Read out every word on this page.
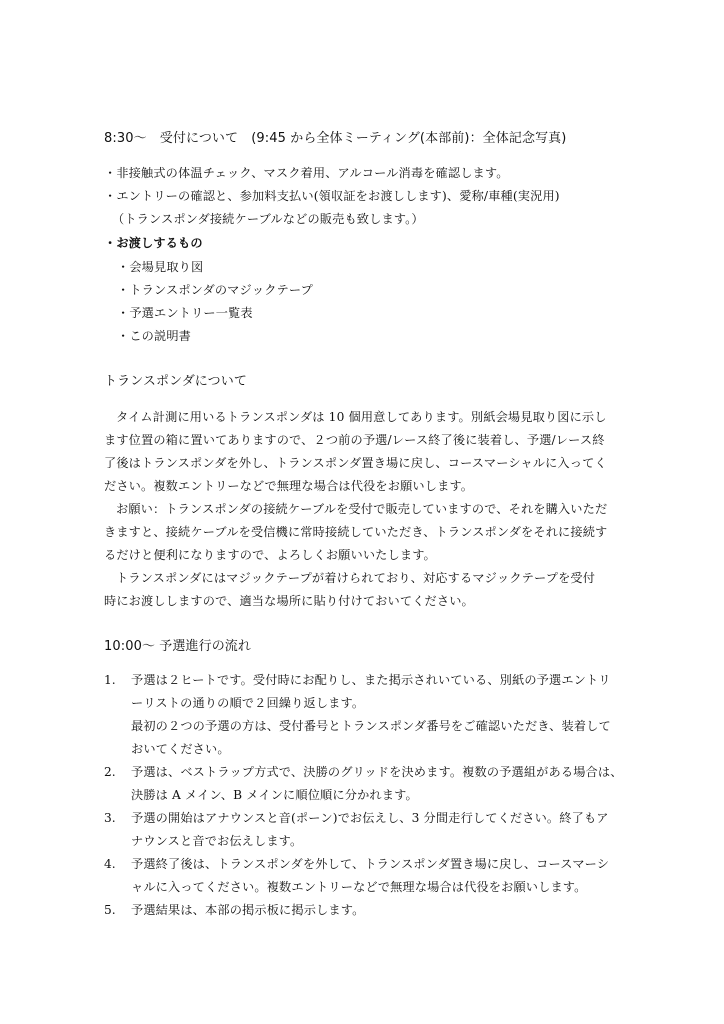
8:30～　受付について　(9:45 から全体ミーティング(本部前)：全体記念写真)
・非接触式の体温チェック、マスク着用、アルコール消毒を確認します。
・エントリーの確認と、参加料支払い(領収証をお渡しします)、愛称/車種(実況用)
（トランスポンダ接続ケーブルなどの販売も致します。）
・お渡しするもの
・会場見取り図
・トランスポンダのマジックテープ
・予選エントリー一覧表
・この説明書
トランスポンダについて
タイム計測に用いるトランスポンダは 10 個用意してあります。別紙会場見取り図に示し
ます位置の箱に置いてありますので、２つ前の予選/レース終了後に装着し、予選/レース終
了後はトランスポンダを外し、トランスポンダ置き場に戻し、コースマーシャルに入ってく
ださい。複数エントリーなどで無理な場合は代役をお願いします。
お願い：トランスポンダの接続ケーブルを受付で販売していますので、それを購入いただ
きますと、接続ケーブルを受信機に常時接続していただき、トランスポンダをそれに接続す
るだけと便利になりますので、よろしくお願いいたします。
トランスポンダにはマジックテープが着けられており、対応するマジックテープを受付
時にお渡ししますので、適当な場所に貼り付けておいてください。
10:00～ 予選進行の流れ
1. 予選は２ヒートです。受付時にお配りし、また掲示されいている、別紙の予選エントリ
ーリストの通りの順で２回繰り返します。
最初の２つの予選の方は、受付番号とトランスポンダ番号をご確認いただき、装着して
おいてください。
2. 予選は、ベストラップ方式で、決勝のグリッドを決めます。複数の予選組がある場合は、
決勝は A メイン、B メインに順位順に分かれます。
3. 予選の開始はアナウンスと音(ポーン)でお伝えし、3 分間走行してください。終了もア
ナウンスと音でお伝えします。
4. 予選終了後は、トランスポンダを外して、トランスポンダ置き場に戻し、コースマーシ
ャルに入ってください。複数エントリーなどで無理な場合は代役をお願いします。
5. 予選結果は、本部の掲示板に掲示します。
